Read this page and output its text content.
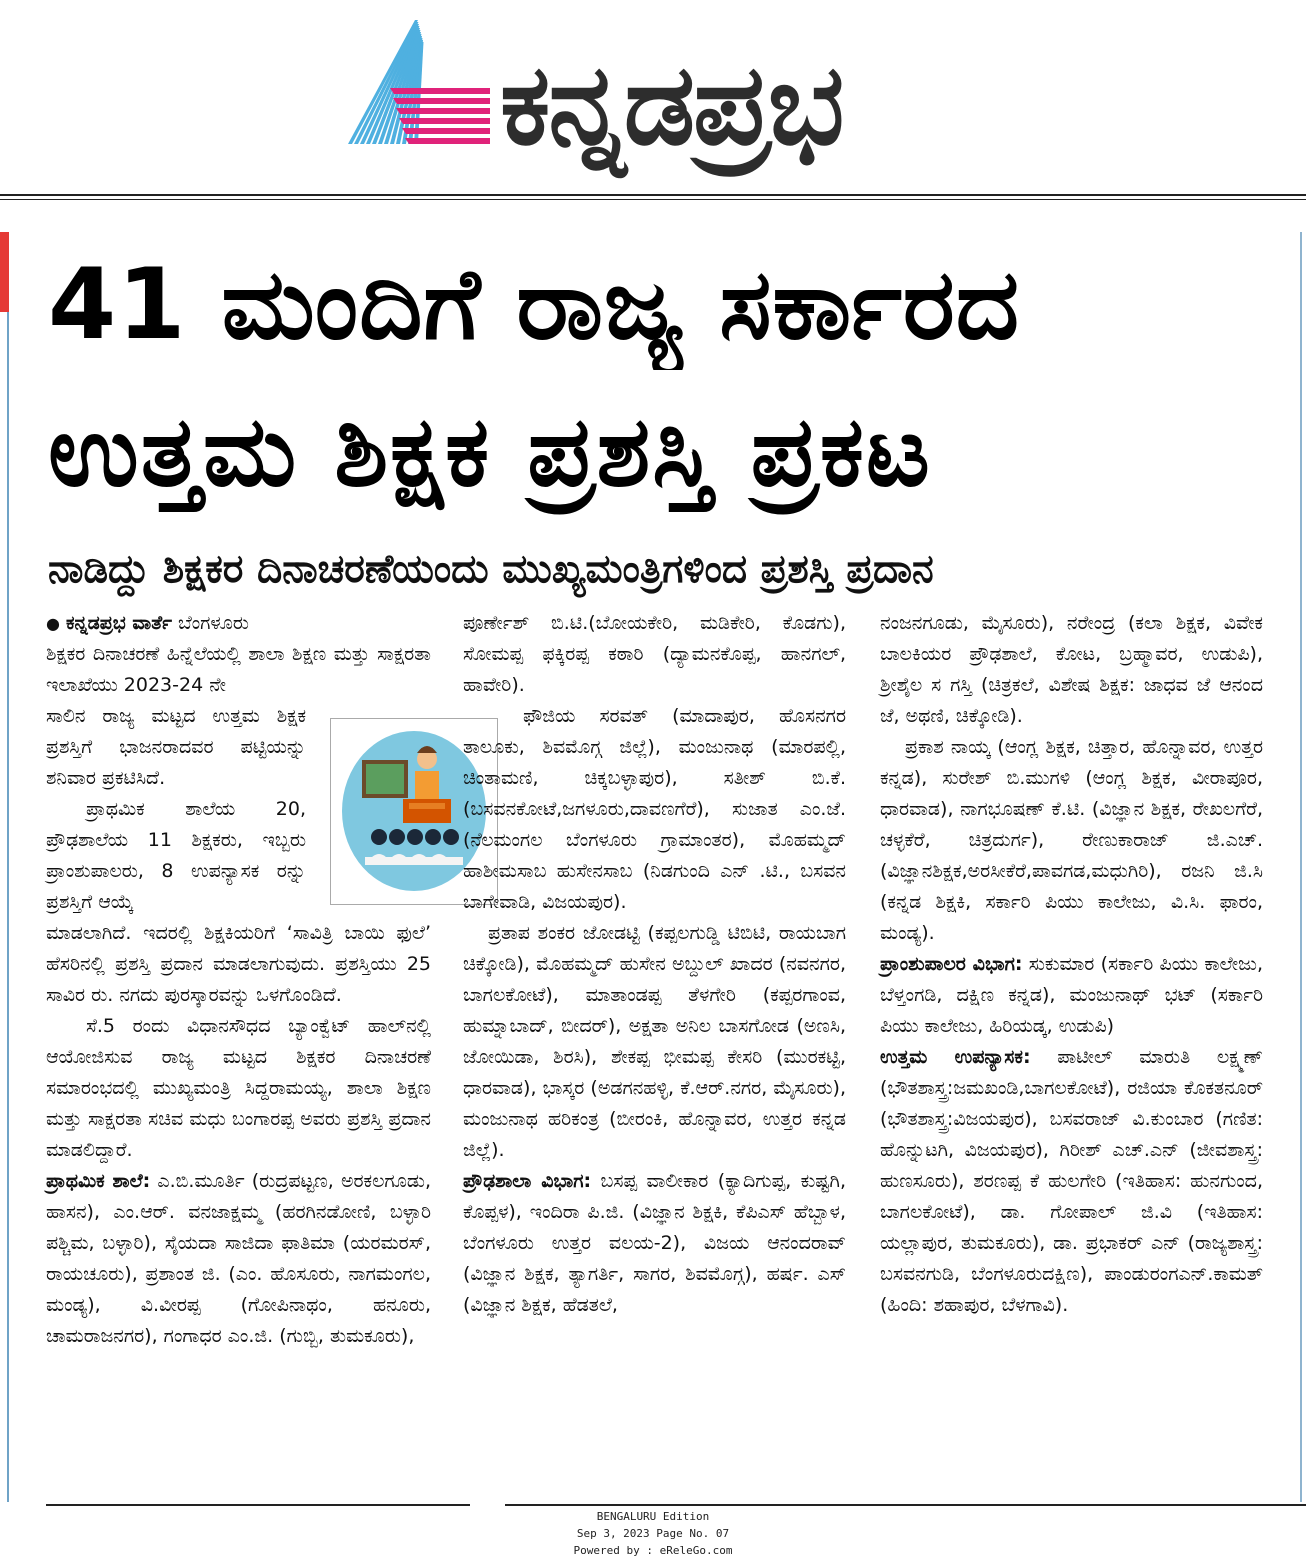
ಕನ್ನಡಪ್ರಭ
41 ಮಂದಿಗೆ ರಾಜ್ಯ ಸರ್ಕಾರದ
ಉತ್ತಮ ಶಿಕ್ಷಕ ಪ್ರಶಸ್ತಿ ಪ್ರಕಟ
ನಾಡಿದ್ದು ಶಿಕ್ಷಕರ ದಿನಾಚರಣೆಯಂದು ಮುಖ್ಯಮಂತ್ರಿಗಳಿಂದ ಪ್ರಶಸ್ತಿ ಪ್ರದಾನ

● ಕನ್ನಡಪ್ರಭ ವಾರ್ತೆ ಬೆಂಗಳೂರು

ಶಿಕ್ಷಕರ ದಿನಾಚರಣೆ ಹಿನ್ನೆಲೆಯಲ್ಲಿ ಶಾಲಾ ಶಿಕ್ಷಣ ಮತ್ತು ಸಾಕ್ಷರತಾ ಇಲಾಖೆಯು 2023-24 ನೇ

ಸಾಲಿನ ರಾಜ್ಯ ಮಟ್ಟದ ಉತ್ತಮ ಶಿಕ್ಷಕ ಪ್ರಶಸ್ತಿಗೆ ಭಾಜನರಾದವರ ಪಟ್ಟಿಯನ್ನು ಶನಿವಾರ ಪ್ರಕಟಿಸಿದೆ.

ಪ್ರಾಥಮಿಕ ಶಾಲೆಯ 20, ಪ್ರೌಢಶಾಲೆಯ 11 ಶಿಕ್ಷಕರು, ಇಬ್ಬರು ಪ್ರಾಂಶುಪಾಲರು, 8 ಉಪನ್ಯಾಸಕ ರನ್ನು ಪ್ರಶಸ್ತಿಗೆ ಆಯ್ಕೆ

ಮಾಡಲಾಗಿದೆ. ಇದರಲ್ಲಿ ಶಿಕ್ಷಕಿಯರಿಗೆ ‘ಸಾವಿತ್ರಿ ಬಾಯಿ ಫುಲೆ’ ಹೆಸರಿನಲ್ಲಿ ಪ್ರಶಸ್ತಿ ಪ್ರದಾನ ಮಾಡಲಾಗುವುದು. ಪ್ರಶಸ್ತಿಯು 25 ಸಾವಿರ ರು. ನಗದು ಪುರಸ್ಕಾರವನ್ನು ಒಳಗೊಂಡಿದೆ.

ಸೆ.5 ರಂದು ವಿಧಾನಸೌಧದ ಬ್ಯಾಂಕ್ವೆಟ್ ಹಾಲ್‌ನಲ್ಲಿ ಆಯೋಜಿಸುವ ರಾಜ್ಯ ಮಟ್ಟದ ಶಿಕ್ಷಕರ ದಿನಾಚರಣೆ ಸಮಾರಂಭದಲ್ಲಿ ಮುಖ್ಯಮಂತ್ರಿ ಸಿದ್ದರಾಮಯ್ಯ, ಶಾಲಾ ಶಿಕ್ಷಣ ಮತ್ತು ಸಾಕ್ಷರತಾ ಸಚಿವ ಮಧು ಬಂಗಾರಪ್ಪ ಅವರು ಪ್ರಶಸ್ತಿ ಪ್ರದಾನ ಮಾಡಲಿದ್ದಾರೆ.

ಪ್ರಾಥಮಿಕ ಶಾಲೆ: ಎ.ಬಿ.ಮೂರ್ತಿ (ರುದ್ರಪಟ್ಟಣ, ಅರಕಲಗೂಡು, ಹಾಸನ), ಎಂ.ಆರ್. ವನಜಾಕ್ಷಮ್ಮ (ಹರಗಿನಡೋಣಿ, ಬಳ್ಳಾರಿ ಪಶ್ಚಿಮ, ಬಳ್ಳಾರಿ), ಸೈಯದಾ ಸಾಜಿದಾ ಫಾತಿಮಾ (ಯರಮರಸ್, ರಾಯಚೂರು), ಪ್ರಶಾಂತ ಜಿ. (ಎಂ. ಹೊಸೂರು, ನಾಗಮಂಗಲ, ಮಂಡ್ಯ), ವಿ.ವೀರಪ್ಪ (ಗೋಪಿನಾಥಂ, ಹನೂರು, ಚಾಮರಾಜನಗರ), ಗಂಗಾಧರ ಎಂ.ಜಿ. (ಗುಬ್ಬಿ, ತುಮಕೂರು),

ಪೂರ್ಣೇಶ್ ಬಿ.ಟಿ.(ಬೋಯಕೇರಿ, ಮಡಿಕೇರಿ, ಕೊಡಗು), ಸೋಮಪ್ಪ ಫಕ್ಕಿರಪ್ಪ ಕಠಾರಿ (ದ್ಯಾಮನಕೊಪ್ಪ, ಹಾನಗಲ್, ಹಾವೇರಿ).

ಫೌಜಿಯ ಸರವತ್ (ಮಾದಾಪುರ, ಹೊಸನಗರ ತಾಲೂಕು, ಶಿವಮೊಗ್ಗ ಜಿಲ್ಲೆ), ಮಂಜುನಾಥ (ಮಾರಪಲ್ಲಿ, ಚಿಂತಾಮಣಿ, ಚಿಕ್ಕಬಳ್ಳಾಪುರ), ಸತೀಶ್ ಬಿ.ಕೆ. (ಬಸವನಕೋಟೆ,ಜಗಳೂರು,ದಾವಣಗೆರೆ), ಸುಜಾತ ಎಂ.ಜೆ. (ನೆಲಮಂಗಲ ಬೆಂಗಳೂರು ಗ್ರಾಮಾಂತರ), ಮೊಹಮ್ಮದ್ ಹಾಶೀಮಸಾಬ ಹುಸೇನಸಾಬ (ನಿಡಗುಂದಿ ಎನ್ .ಟಿ., ಬಸವನ ಬಾಗೇವಾಡಿ, ವಿಜಯಪುರ).

ಪ್ರತಾಪ ಶಂಕರ ಜೋಡಟ್ಟಿ (ಕಪ್ಪಲಗುಡ್ಡಿ ಟಿಬಿಟಿ, ರಾಯಬಾಗ ಚಿಕ್ಕೋಡಿ), ಮೊಹಮ್ಮದ್ ಹುಸೇನ ಅಬ್ದುಲ್ ಖಾದರ (ನವನಗರ, ಬಾಗಲಕೋಟೆ), ಮಾತಾಂಡಪ್ಪ ತೆಳಗೇರಿ (ಕಪ್ಪರಗಾಂವ, ಹುಮ್ನಾಬಾದ್, ಬೀದರ್), ಅಕ್ಷತಾ ಅನಿಲ ಬಾಸಗೋಡ (ಅಣಸಿ, ಜೋಯಿಡಾ, ಶಿರಸಿ), ಶೇಕಪ್ಪ ಭೀಮಪ್ಪ ಕೇಸರಿ (ಮುರಕಟ್ಟಿ, ಧಾರವಾಡ), ಭಾಸ್ಕರ (ಅಡಗನಹಳ್ಳಿ, ಕೆ.ಆರ್.ನಗರ, ಮೈಸೂರು), ಮಂಜುನಾಥ ಹರಿಕಂತ್ರ (ಬೀರಂಕಿ, ಹೊನ್ನಾವರ, ಉತ್ತರ ಕನ್ನಡ ಜಿಲ್ಲೆ).

ಪ್ರೌಢಶಾಲಾ ವಿಭಾಗ: ಬಸಪ್ಪ ವಾಲೀಕಾರ (ಕ್ಯಾದಿಗುಪ್ಪ, ಕುಷ್ಟಗಿ, ಕೊಪ್ಪಳ), ಇಂದಿರಾ ಪಿ.ಜಿ. (ವಿಜ್ಞಾನ ಶಿಕ್ಷಕಿ, ಕೆಪಿಎಸ್ ಹೆಬ್ಬಾಳ, ಬೆಂಗಳೂರು ಉತ್ತರ ವಲಯ-2), ವಿಜಯ ಆನಂದರಾವ್ (ವಿಜ್ಞಾನ ಶಿಕ್ಷಕ, ತ್ಯಾಗರ್ತಿ, ಸಾಗರ, ಶಿವಮೊಗ್ಗ), ಹರ್ಷ. ಎಸ್ (ವಿಜ್ಞಾನ ಶಿಕ್ಷಕ, ಹೆಡತಲೆ,

ನಂಜನಗೂಡು, ಮೈಸೂರು), ನರೇಂದ್ರ (ಕಲಾ ಶಿಕ್ಷಕ, ವಿವೇಕ ಬಾಲಕಿಯರ ಪ್ರೌಢಶಾಲೆ, ಕೋಟ, ಬ್ರಹ್ಮಾವರ, ಉಡುಪಿ), ಶ್ರೀಶೈಲ ಸ ಗಸ್ತಿ (ಚಿತ್ರಕಲೆ, ವಿಶೇಷ ಶಿಕ್ಷಕ: ಜಾಧವ ಜೆ ಆನಂದ ಜೆ, ಅಥಣಿ, ಚಿಕ್ಕೋಡಿ).

ಪ್ರಕಾಶ ನಾಯ್ಕ (ಆಂಗ್ಲ ಶಿಕ್ಷಕ, ಚಿತ್ತಾರ, ಹೊನ್ನಾವರ, ಉತ್ತರ ಕನ್ನಡ), ಸುರೇಶ್ ಬಿ.ಮುಗಳಿ (ಆಂಗ್ಲ ಶಿಕ್ಷಕ, ವೀರಾಪೂರ, ಧಾರವಾಡ), ನಾಗಭೂಷಣ್ ಕೆ.ಟಿ. (ವಿಜ್ಞಾನ ಶಿಕ್ಷಕ, ರೇಖಲಗೆರೆ, ಚಳ್ಳಕೆರೆ, ಚಿತ್ರದುರ್ಗ), ರೇಣುಕಾರಾಜ್ ಜಿ.ಎಚ್. (ವಿಜ್ಞಾನಶಿಕ್ಷಕ,ಅರಸೀಕೆರೆ,ಪಾವಗಡ,ಮಧುಗಿರಿ), ರಜನಿ ಜಿ.ಸಿ (ಕನ್ನಡ ಶಿಕ್ಷಕಿ, ಸರ್ಕಾರಿ ಪಿಯು ಕಾಲೇಜು, ವಿ.ಸಿ. ಫಾರಂ, ಮಂಡ್ಯ).

ಪ್ರಾಂಶುಪಾಲರ ವಿಭಾಗ: ಸುಕುಮಾರ (ಸರ್ಕಾರಿ ಪಿಯು ಕಾಲೇಜು, ಬೆಳ್ತಂಗಡಿ, ದಕ್ಷಿಣ ಕನ್ನಡ), ಮಂಜುನಾಥ್ ಭಟ್ (ಸರ್ಕಾರಿ ಪಿಯು ಕಾಲೇಜು, ಹಿರಿಯಡ್ಕ, ಉಡುಪಿ)

ಉತ್ತಮ ಉಪನ್ಯಾಸಕ: ಪಾಟೀಲ್ ಮಾರುತಿ ಲಕ್ಷ್ಮಣ್ (ಭೌತಶಾಸ್ತ್ರ:ಜಮಖಂಡಿ,ಬಾಗಲಕೋಟೆ), ರಜಿಯಾ ಕೊಕತನೂರ್ (ಭೌತಶಾಸ್ತ್ರ:ವಿಜಯಪುರ), ಬಸವರಾಜ್ ವಿ.ಕುಂಬಾರ (ಗಣಿತ: ಹೊನ್ನುಟಗಿ, ವಿಜಯಪುರ), ಗಿರೀಶ್ ಎಚ್.ಎನ್ (ಜೀವಶಾಸ್ತ್ರ: ಹುಣಸೂರು), ಶರಣಪ್ಪ ಕೆ ಹುಲಗೇರಿ (ಇತಿಹಾಸ: ಹುನಗುಂದ, ಬಾಗಲಕೋಟೆ), ಡಾ. ಗೋಪಾಲ್ ಜಿ.ವಿ (ಇತಿಹಾಸ: ಯಲ್ಲಾಪುರ, ತುಮಕೂರು), ಡಾ. ಪ್ರಭಾಕರ್ ಎನ್ (ರಾಜ್ಯಶಾಸ್ತ್ರ: ಬಸವನಗುಡಿ, ಬೆಂಗಳೂರುದಕ್ಷಿಣ), ಪಾಂಡುರಂಗಎನ್.ಕಾಮತ್ (ಹಿಂದಿ: ಶಹಾಪುರ, ಬೆಳಗಾವಿ).

BENGALURU Edition
Sep 3, 2023 Page No. 07
Powered by : eReleGo.com
